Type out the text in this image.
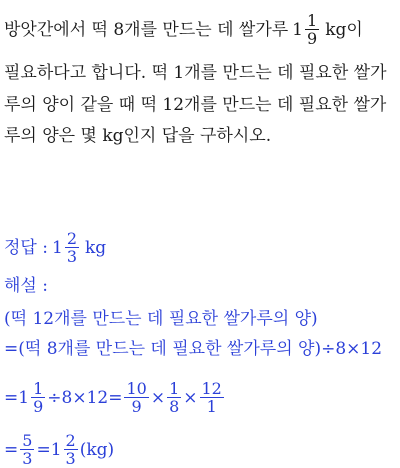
방앗간에서 떡 8개를 만드는 데 쌀가루 $1 \frac{1}{9}$ kg이
필요하다고 합니다. 떡 1개를 만드는 데 필요한 쌀가
루의 양이 같을 때 떡 12개를 만드는 데 필요한 쌀가
루의 양은 몇 kg인지 답을 구하시오.
정답 : $1 \frac{2}{3}$ kg
해설 :
(떡 12개를 만드는 데 필요한 쌀가루의 양)
=(떡 8개를 만드는 데 필요한 쌀가루의 양)÷8×12
= $1 \frac{1}{9} \div 8\times 12= \frac{10}{9} \times \frac{1}{8} \times \frac{12}{1}$
= $\frac{5}{3} = 1 \frac{2}{3} (kg)$
